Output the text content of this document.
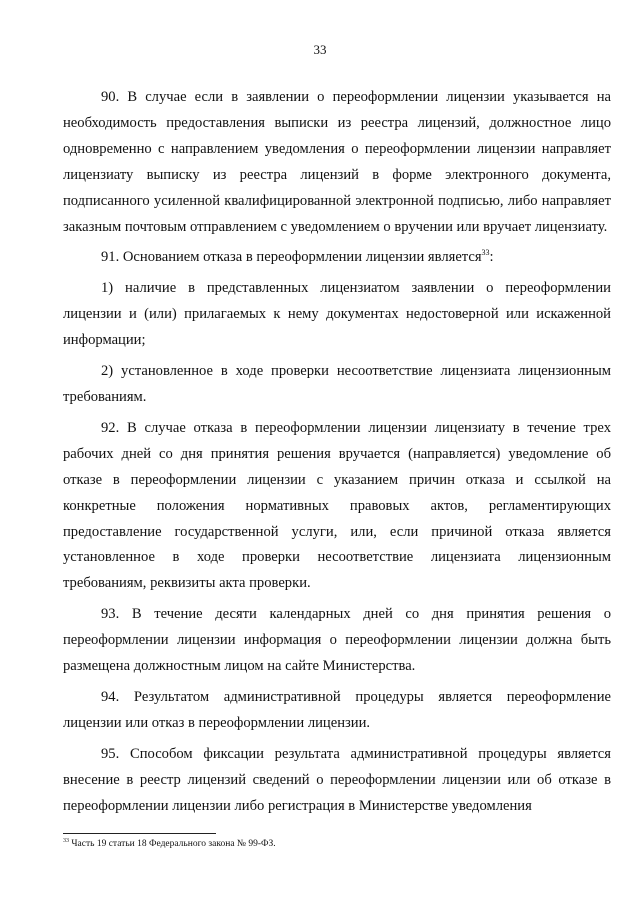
33

90. В случае если в заявлении о переоформлении лицензии указывается на необходимость предоставления выписки из реестра лицензий, должностное лицо одновременно с направлением уведомления о переоформлении лицензии направляет лицензиату выписку из реестра лицензий в форме электронного документа, подписанного усиленной квалифицированной электронной подписью, либо направляет заказным почтовым отправлением с уведомлением о вручении или вручает лицензиату.

91. Основанием отказа в переоформлении лицензии является$^{33}$:

1) наличие в представленных лицензиатом заявлении о переоформлении лицензии и (или) прилагаемых к нему документах недостоверной или искаженной информации;

2) установленное в ходе проверки несоответствие лицензиата лицензионным требованиям.

92. В случае отказа в переоформлении лицензии лицензиату в течение трех рабочих дней со дня принятия решения вручается (направляется) уведомление об отказе в переоформлении лицензии с указанием причин отказа и ссылкой на конкретные положения нормативных правовых актов, регламентирующих предоставление государственной услуги, или, если причиной отказа является установленное в ходе проверки несоответствие лицензиата лицензионным требованиям, реквизиты акта проверки.

93. В течение десяти календарных дней со дня принятия решения о переоформлении лицензии информация о переоформлении лицензии должна быть размещена должностным лицом на сайте Министерства.

94. Результатом административной процедуры является переоформление лицензии или отказ в переоформлении лицензии.

95. Способом фиксации результата административной процедуры является внесение в реестр лицензий сведений о переоформлении лицензии или об отказе в переоформлении лицензии либо регистрация в Министерстве уведомления

$^{33}$ Часть 19 статьи 18 Федерального закона № 99-ФЗ.
